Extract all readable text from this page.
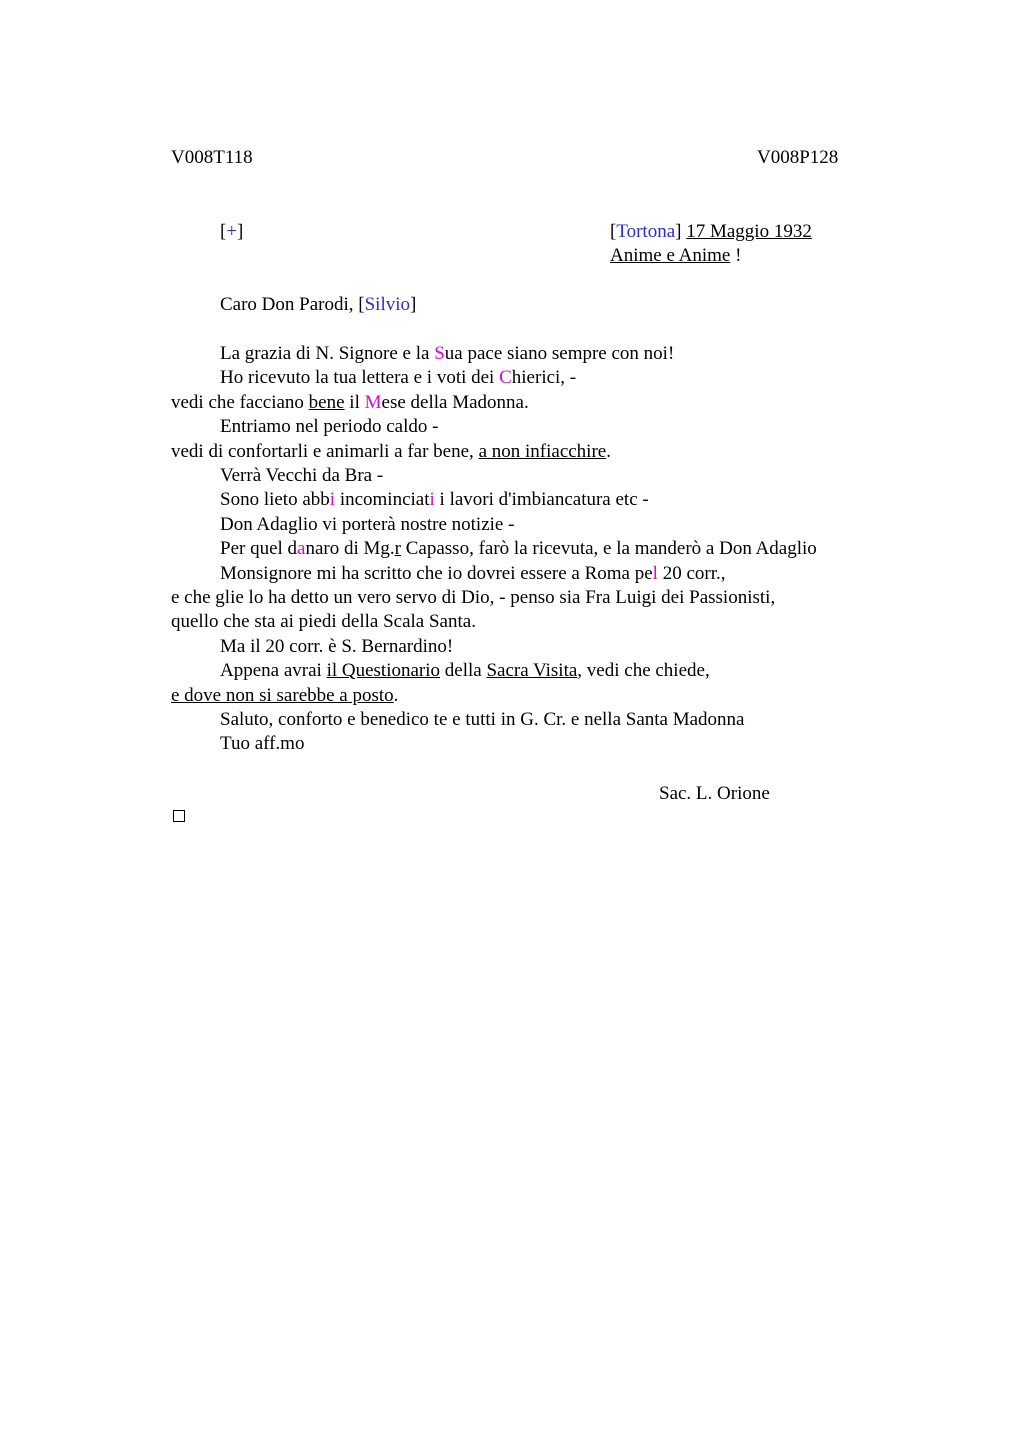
V008T118	V008P128
[+]	[Tortona] 17 Maggio 1932
Anime e Anime !
Caro Don Parodi, [Silvio]
La grazia di N. Signore e la Sua pace siano sempre con noi!
Ho ricevuto la tua lettera e i voti dei Chierici, -
vedi che facciano bene il Mese della Madonna.
Entriamo nel periodo caldo -
vedi di confortarli e animarli a far bene, a non infiacchire.
Verrà Vecchi da Bra -
Sono lieto abbi incominciati i lavori d'imbiancatura etc -
Don Adaglio vi porterà nostre notizie -
Per quel danaro di Mg.r Capasso, farò la ricevuta, e la manderò a Don Adaglio
Monsignore mi ha scritto che io dovrei essere a Roma pel 20 corr.,
e che glie lo ha detto un vero servo di Dio, - penso sia Fra Luigi dei Passionisti,
quello che sta ai piedi della Scala Santa.
Ma il 20 corr. è S. Bernardino!
Appena avrai il Questionario della Sacra Visita, vedi che chiede,
e dove non si sarebbe a posto.
Saluto, conforto e benedico te e tutti in G. Cr. e nella Santa Madonna
Tuo aff.mo
Sac. L. Orione
